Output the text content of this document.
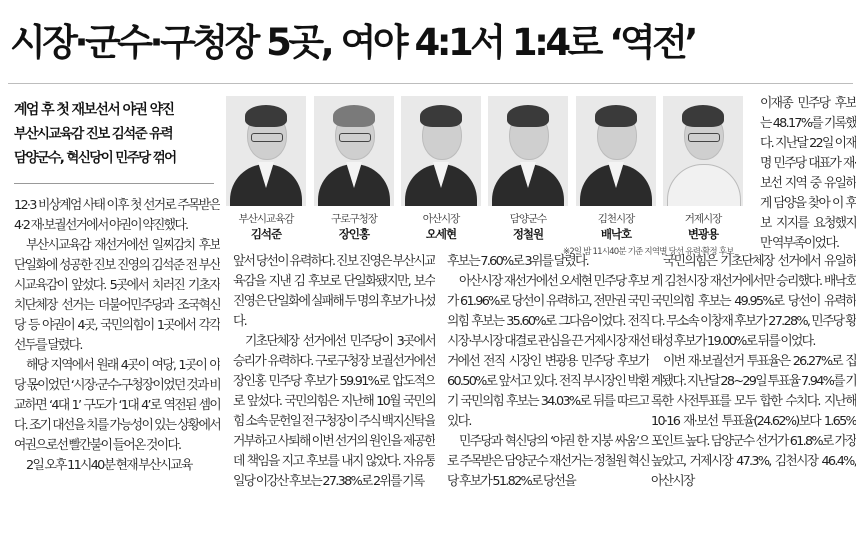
시장·군수·구청장 5곳, 여야 4:1서 1:4로 ‘역전’
계엄 후 첫 재보선서 야권 약진
부산시교육감 진보 김석준 유력
담양군수, 혁신당이 민주당 꺾어
부산시교육감
김석준
구로구청장
장인홍
아산시장
오세현
담양군수
정철원
김천시장
배낙호
거제시장
변광용
※2일 밤 11시40분 기준 지역별 당선 유력·확정 후보

이재종 민주당 후보는 48.17%를 기록했다. 지난달 22일 이재명 민주당 대표가 재·보선 지역 중 유일하게 담양을 찾아 이 후보 지지를 요청했지만 역부족이었다.

12·3 비상계엄 사태 이후 첫 선거로 주목받은 4·2 재·보궐선거에서 야권이 약진했다.

부산시교육감 재선거에선 일찌감치 후보 단일화에 성공한 진보 진영의 김석준 전 부산시교육감이 앞섰다. 5곳에서 치러진 기초자치단체장 선거는 더불어민주당과 조국혁신당 등 야권이 4곳, 국민의힘이 1곳에서 각각 선두를 달렸다.

해당 지역에서 원래 4곳이 여당, 1곳이 야당 몫이었던 ‘시장·군수·구청장이었던 것과 비교하면 ‘4대 1’ 구도가 ‘1대 4’로 역전된 셈이다. 조기 대선을 치를 가능성이 있는 상황에서 여권으로선 빨간불이 들어온 것이다.

2일 오후 11시40분 현재 부산시교육

앞서 당선이 유력하다. 진보 진영은 부산시교육감을 지낸 김 후보로 단일화됐지만, 보수 진영은 단일화에 실패해 두 명의 후보가 나섰다.

기초단체장 선거에선 민주당이 3곳에서 승리가 유력하다. 구로구청장 보궐선거에선 장인홍 민주당 후보가 59.91%로 압도적으로 앞섰다. 국민의힘은 지난해 10월 국민의힘 소속 문헌일 전 구청장이 주식 백지신탁을 거부하고 사퇴해 이번 선거의 원인을 제공한 데 책임을 지고 후보를 내지 않았다. 자유통일당 이강산 후보는 27.38%로 2위를 기록

후보는 7.60%로 3위를 달렸다.

아산시장 재선거에선 오세현 민주당 후보가 61.96%로 당선이 유력하고, 전만권 국민의힘 후보는 35.60%로 그다음이었다. 전직 시장·부시장 대결로 관심을 끈 거제시장 재선거에선 전직 시장인 변광용 민주당 후보가 60.50%로 앞서고 있다. 전직 부시장인 박환기 국민의힘 후보는 34.03%로 뒤를 따르고 있다.

민주당과 혁신당의 ‘야권 한 지붕 싸움’으로 주목받은 담양군수 재선거는 정철원 혁신당 후보가 51.82%로 당선을

국민의힘은 기초단체장 선거에서 유일하게 김천시장 재선거에서만 승리했다. 배낙호 국민의힘 후보는 49.95%로 당선이 유력하다. 무소속 이창재 후보가 27.28%, 민주당 황태성 후보가 19.00%로 뒤를 이었다.

이번 재·보궐선거 투표율은 26.27%로 집계됐다. 지난달 28~29일 투표율 7.94%를 기록한 사전투표를 모두 합한 수치다. 지난해 10·16 재·보선 투표율(24.62%)보다 1.65%포인트 높다. 담양군수 선거가 61.8%로 가장 높았고, 거제시장 47.3%, 김천시장 46.4%, 아산시장
